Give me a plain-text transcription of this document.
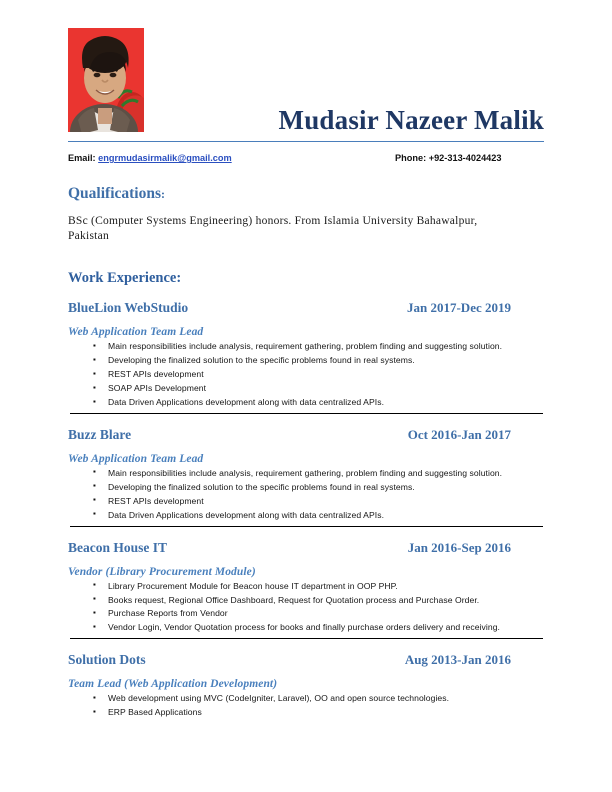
Mudasir Nazeer Malik
Email: engrmudasirmalik@gmail.com	Phone: +92-313-4024423
Qualifications:
BSc (Computer Systems Engineering) honors. From Islamia University Bahawalpur, Pakistan
Work Experience:
BlueLion WebStudio	Jan 2017-Dec 2019
Web Application Team Lead
▪ Main responsibilities include analysis, requirement gathering, problem finding and suggesting solution.
▪ Developing the finalized solution to the specific problems found in real systems.
▪ REST APIs development
▪ SOAP APIs Development
▪ Data Driven Applications development along with data centralized APIs.
Buzz Blare	Oct 2016-Jan 2017
Web Application Team Lead
▪ Main responsibilities include analysis, requirement gathering, problem finding and suggesting solution.
▪ Developing the finalized solution to the specific problems found in real systems.
▪ REST APIs development
▪ Data Driven Applications development along with data centralized APIs.
Beacon House IT	Jan 2016-Sep 2016
Vendor (Library Procurement Module)
▪ Library Procurement Module for Beacon house IT department in OOP PHP.
▪ Books request, Regional Office Dashboard, Request for Quotation process and Purchase Order.
▪ Purchase Reports from Vendor
▪ Vendor Login, Vendor Quotation process for books and finally purchase orders delivery and receiving.
Solution Dots	Aug 2013-Jan 2016
Team Lead (Web Application Development)
▪ Web development using MVC (CodeIgniter, Laravel), OO and open source technologies.
▪ ERP Based Applications
